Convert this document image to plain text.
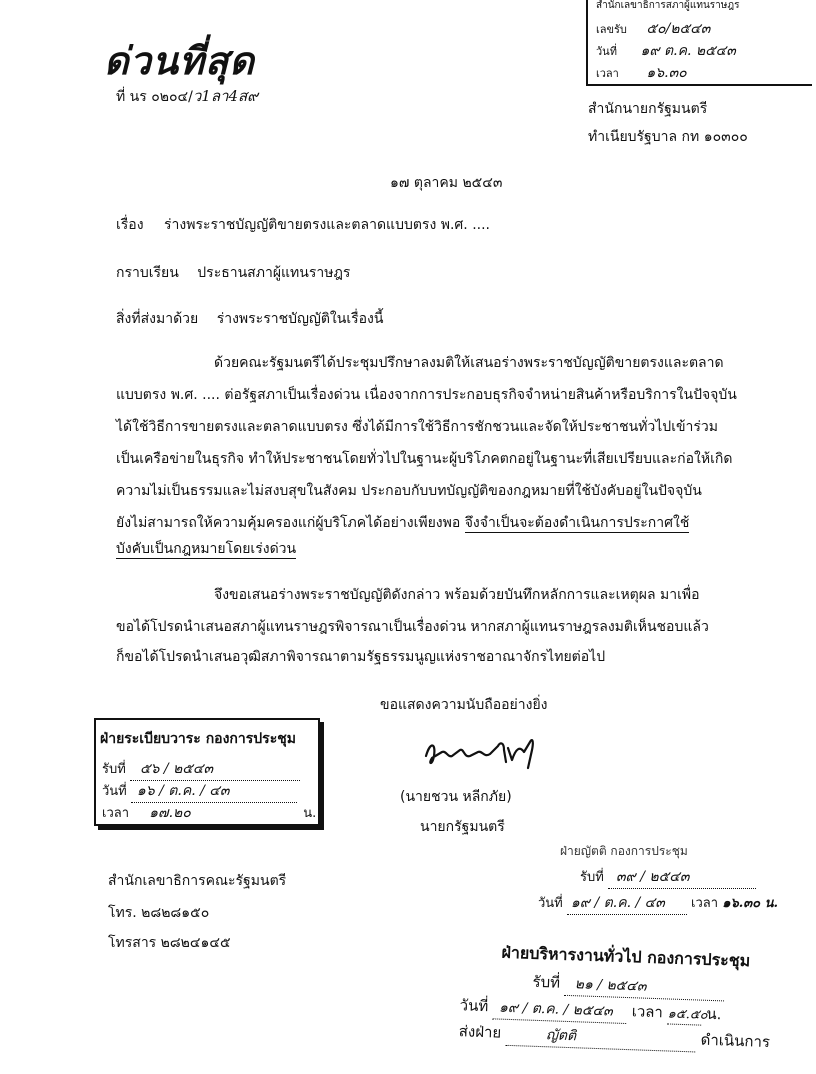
สำนักเลขาธิการสภาผู้แทนราษฎร
เลขรับ ๕๐/๒๕๔๓
วันที่ ๑๙ ต.ค. ๒๕๔๓
เวลา ๑๖.๓๐
ด่วนที่สุด
ที่ นร ๐๒๐๔/ว1ลา4ส๙
สำนักนายกรัฐมนตรี
ทำเนียบรัฐบาล กท ๑๐๓๐๐
๑๗ ตุลาคม ๒๕๔๓
เรื่อง ร่างพระราชบัญญัติขายตรงและตลาดแบบตรง พ.ศ. ....
กราบเรียน ประธานสภาผู้แทนราษฎร
สิ่งที่ส่งมาด้วย ร่างพระราชบัญญัติในเรื่องนี้
ด้วยคณะรัฐมนตรีได้ประชุมปรึกษาลงมติให้เสนอร่างพระราชบัญญัติขายตรงและตลาด
แบบตรง พ.ศ. .... ต่อรัฐสภาเป็นเรื่องด่วน เนื่องจากการประกอบธุรกิจจำหน่ายสินค้าหรือบริการในปัจจุบัน
ได้ใช้วิธีการขายตรงและตลาดแบบตรง ซึ่งได้มีการใช้วิธีการชักชวนและจัดให้ประชาชนทั่วไปเข้าร่วม
เป็นเครือข่ายในธุรกิจ ทำให้ประชาชนโดยทั่วไปในฐานะผู้บริโภคตกอยู่ในฐานะที่เสียเปรียบและก่อให้เกิด
ความไม่เป็นธรรมและไม่สงบสุขในสังคม ประกอบกับบทบัญญัติของกฎหมายที่ใช้บังคับอยู่ในปัจจุบัน
ยังไม่สามารถให้ความคุ้มครองแก่ผู้บริโภคได้อย่างเพียงพอ จึงจำเป็นจะต้องดำเนินการประกาศใช้
บังคับเป็นกฎหมายโดยเร่งด่วน
จึงขอเสนอร่างพระราชบัญญัติดังกล่าว พร้อมด้วยบันทึกหลักการและเหตุผล มาเพื่อ
ขอได้โปรดนำเสนอสภาผู้แทนราษฎรพิจารณาเป็นเรื่องด่วน หากสภาผู้แทนราษฎรลงมติเห็นชอบแล้ว
ก็ขอได้โปรดนำเสนอวุฒิสภาพิจารณาตามรัฐธรรมนูญแห่งราชอาณาจักรไทยต่อไป
ขอแสดงความนับถืออย่างยิ่ง
(นายชวน หลีกภัย)
นายกรัฐมนตรี
ฝ่ายระเบียบวาระ กองการประชุม
รับที่ ๕๖ / ๒๕๔๓
วันที่ ๑๖ / ต.ค. / ๔๓
เวลา ๑๗.๒๐	น.
ฝ่ายญัตติ กองการประชุม
รับที่ ๓๙ / ๒๕๔๓
วันที่ ๑๙ / ต.ค. / ๔๓ เวลา ๑๖.๓๐ น.
สำนักเลขาธิการคณะรัฐมนตรี
โทร. ๒๘๒๘๑๕๐
โทรสาร ๒๘๒๔๑๔๕	ฝ่ายบริหารงานทั่วไป กองการประชุม
รับที่ ๒๑ / ๒๕๔๓
วันที่ ๑๙ / ต.ค. / ๒๕๔๓ เวลา ๑๕.๕๐ น.
ส่งฝ่าย	ญัตติ	ดำเนินการ
